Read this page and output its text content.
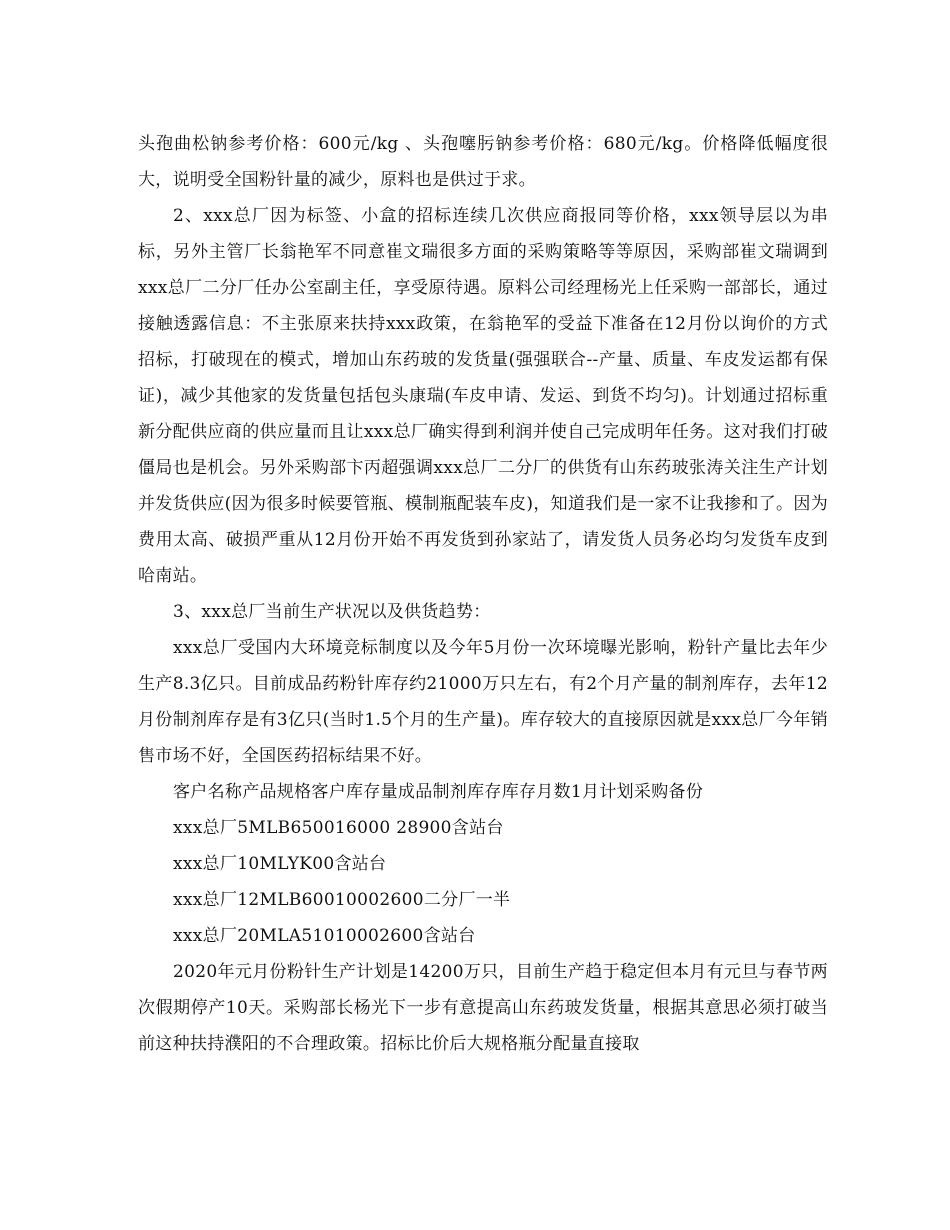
头孢曲松钠参考价格：600元/kg 、头孢噻肟钠参考价格：680元/kg。价格降低幅度很大，说明受全国粉针量的减少，原料也是供过于求。

2、xxx总厂因为标签、小盒的招标连续几次供应商报同等价格，xxx领导层以为串标，另外主管厂长翁艳军不同意崔文瑞很多方面的采购策略等等原因，采购部崔文瑞调到xxx总厂二分厂任办公室副主任，享受原待遇。原料公司经理杨光上任采购一部部长，通过接触透露信息：不主张原来扶持xxx政策，在翁艳军的受益下准备在12月份以询价的方式招标，打破现在的模式，增加山东药玻的发货量(强强联合--产量、质量、车皮发运都有保证)，减少其他家的发货量包括包头康瑞(车皮申请、发运、到货不均匀)。计划通过招标重新分配供应商的供应量而且让xxx总厂确实得到利润并使自己完成明年任务。这对我们打破僵局也是机会。另外采购部卞丙超强调xxx总厂二分厂的供货有山东药玻张涛关注生产计划并发货供应(因为很多时候要管瓶、模制瓶配装车皮)，知道我们是一家不让我掺和了。因为费用太高、破损严重从12月份开始不再发货到孙家站了，请发货人员务必均匀发货车皮到哈南站。

3、xxx总厂当前生产状况以及供货趋势：

xxx总厂受国内大环境竞标制度以及今年5月份一次环境曝光影响，粉针产量比去年少生产8.3亿只。目前成品药粉针库存约21000万只左右，有2个月产量的制剂库存，去年12月份制剂库存是有3亿只(当时1.5个月的生产量)。库存较大的直接原因就是xxx总厂今年销售市场不好，全国医药招标结果不好。

客户名称产品规格客户库存量成品制剂库存库存月数1月计划采购备份

xxx总厂5MLB650016000 28900含站台

xxx总厂10MLYK00含站台

xxx总厂12MLB60010002600二分厂一半

xxx总厂20MLA51010002600含站台

2020年元月份粉针生产计划是14200万只，目前生产趋于稳定但本月有元旦与春节两次假期停产10天。采购部长杨光下一步有意提高山东药玻发货量，根据其意思必须打破当前这种扶持濮阳的不合理政策。招标比价后大规格瓶分配量直接取
